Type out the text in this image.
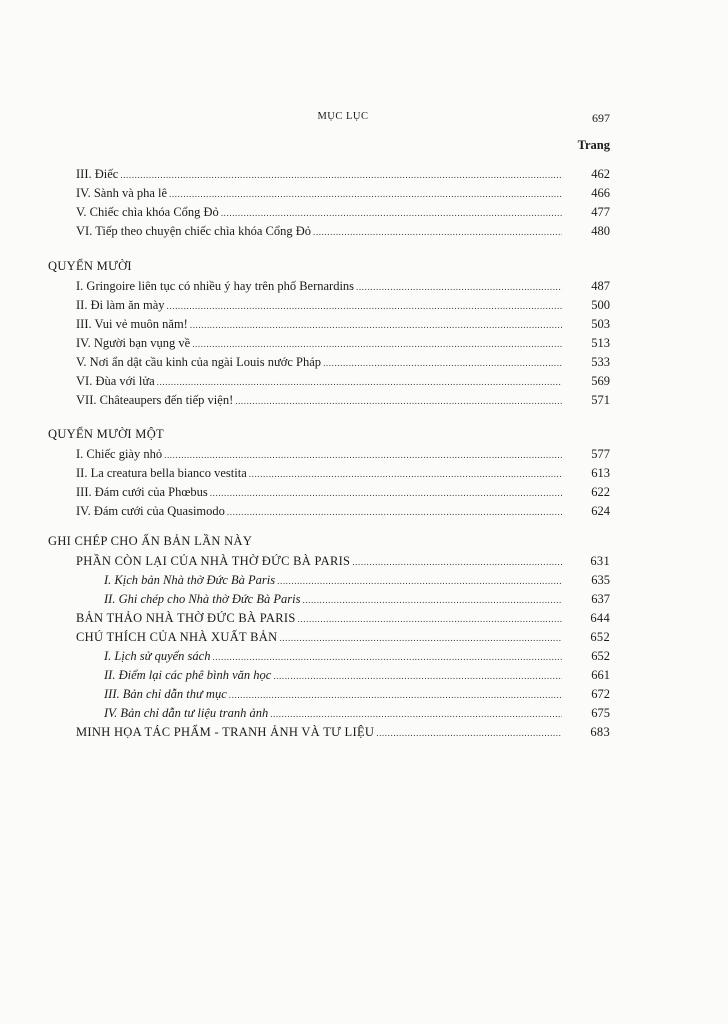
MỤC LỤC	697
Trang
III. Điếc .....	462
IV. Sành và pha lê .....	466
V. Chiếc chìa khóa Cổng Đỏ .....	477
VI. Tiếp theo chuyện chiếc chìa khóa Cổng Đỏ .....	480
QUYỂN MƯỜI
I. Gringoire liên tục có nhiều ý hay trên phố Bernardins .....	487
II. Đi làm ăn mày .....	500
III. Vui vẻ muôn năm! .....	503
IV. Người bạn vụng về .....	513
V. Nơi ẩn dật cầu kinh của ngài Louis nước Pháp .....	533
VI. Đùa với lửa .....	569
VII. Châteaupers đến tiếp viện! .....	571
QUYỂN MƯỜI MỘT
I. Chiếc giày nhỏ .....	577
II. La creatura bella bianco vestita .....	613
III. Đám cưới của Phœbus .....	622
IV. Đám cưới của Quasimodo .....	624
GHI CHÉP CHO ẤN BẢN LẦN NÀY
PHẦN CÒN LẠI CỦA NHÀ THỜ ĐỨC BÀ PARIS .....	631
I. Kịch bản Nhà thờ Đức Bà Paris .....	635
II. Ghi chép cho Nhà thờ Đức Bà Paris .....	637
BẢN THẢO NHÀ THỜ ĐỨC BÀ PARIS .....	644
CHÚ THÍCH CỦA NHÀ XUẤT BẢN .....	652
I. Lịch sử quyển sách .....	652
II. Điểm lại các phê bình văn học .....	661
III. Bản chỉ dẫn thư mục .....	672
IV. Bản chỉ dẫn tư liệu tranh ảnh .....	675
MINH HỌA TÁC PHẨM - TRANH ẢNH VÀ TƯ LIỆU .....	683
